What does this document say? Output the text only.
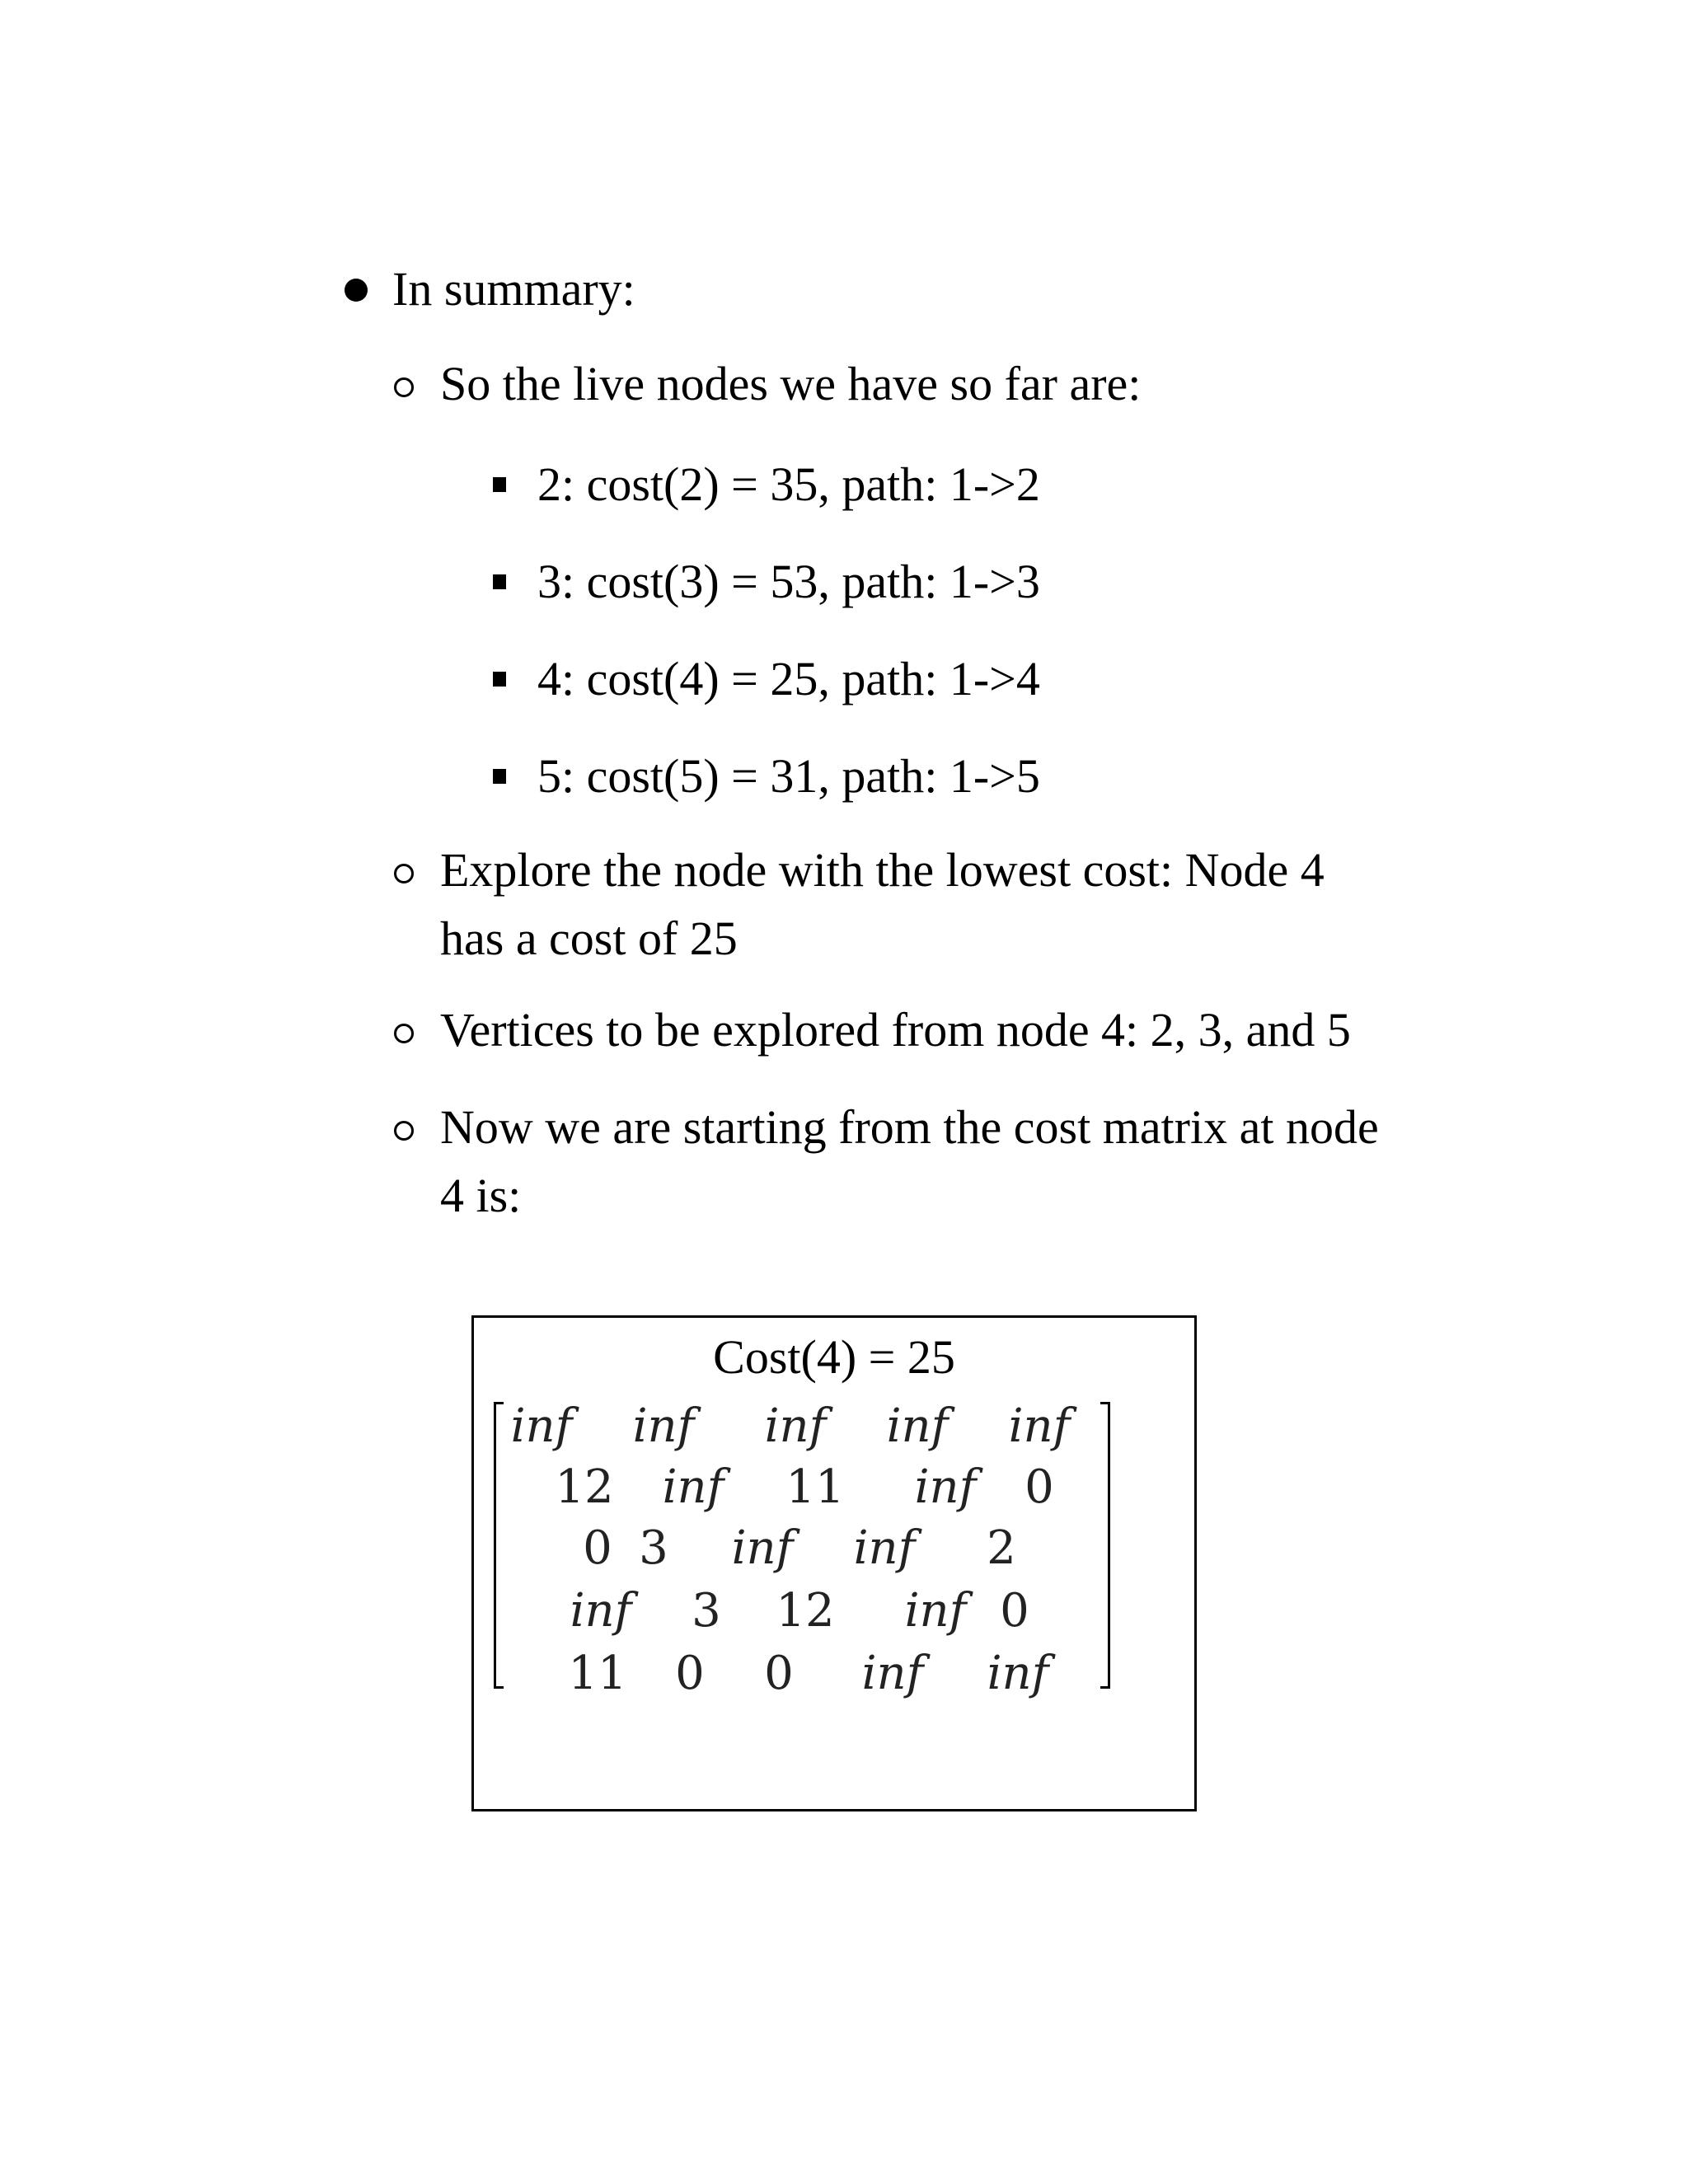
In summary:
So the live nodes we have so far are:
2: cost(2) = 35, path: 1->2
3: cost(3) = 53, path: 1->3
4: cost(4) = 25, path: 1->4
5: cost(5) = 31, path: 1->5
Explore the node with the lowest cost: Node 4
has a cost of 25
Vertices to be explored from node 4: 2, 3, and 5
Now we are starting from the cost matrix at node
4 is:
Cost(4) = 25
inf inf inf inf inf
12 inf 11 inf 0
0 3 inf inf 2
inf 3 12 inf 0
11 0 0 inf inf
